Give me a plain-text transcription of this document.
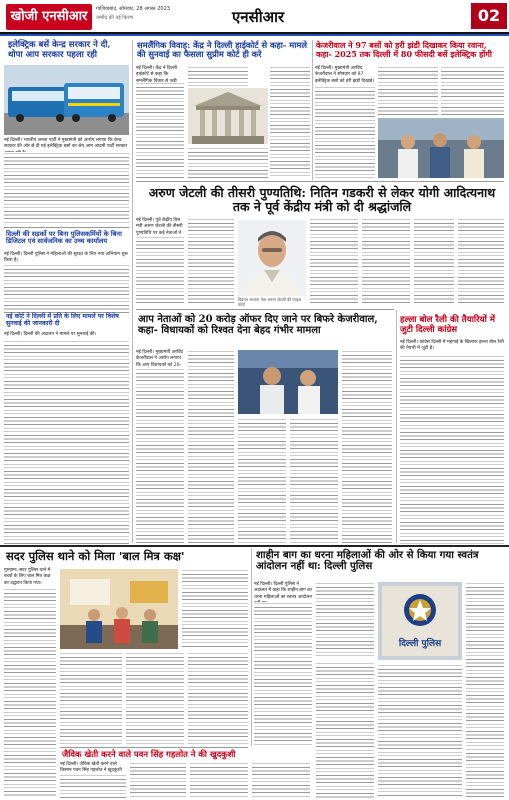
खोजी एनसीआर	गाजियाबाद, सोमवार, 28 अगस्त 2023
उम्मीद की नई किरण	एनसीआर	02
इलेक्ट्रिक बसें केन्द्र सरकार ने दी, थोपा आप सरकार पहला रही
नई दिल्ली। भारतीय जनता पार्टी ने मुख्यमंत्री को आरोप लगाया कि केन्द्र सरकार की ओर से दी गई इलेक्ट्रिक बसों का श्रेय आम आदमी पार्टी सरकार
दिल्ली की सड़कों पर बिना पुलिसकर्मियों के बिना डिजिटल एवं सार्वजनिक का उच्च कार्यालय
नई दिल्ली। दिल्ली पुलिस ने महिलाओं की सुरक्षा के लिए नया अभियान शुरू किया है।
नई कोर्ट ने दिल्ली में प्रति के लिए मामले पर विशेष सुनवाई की जानकारी दी
नई दिल्ली। दिल्ली की अदालत ने मामले पर सुनवाई की।
समलैंगिक विवाह: केंद्र ने दिल्ली हाईकोर्ट से कहा- मामले की सुनवाई का फैसला सुप्रीम कोर्ट ही करे
नई दिल्ली। केंद्र ने दिल्ली हाईकोर्ट से कहा कि
केजरीवाल ने 97 बसों को हरी झंडी दिखाकर किया रवाना, कहा- 2025 तक दिल्ली में 80 फीसदी बसें इलेक्ट्रिक होंगी
नई दिल्ली। मुख्यमंत्री अरविंद केजरीवाल ने सोमवार को 97 इलेक्ट्रिक बसों को हरी झंडी दिखाई।
अरुण जेटली की तीसरी पुण्यतिथि: नितिन गडकरी से लेकर योगी आदित्यनाथ तक ने पूर्व केंद्रीय मंत्री को दी श्रद्धांजलि
नई दिल्ली। पूर्व केंद्रीय वित्त मंत्री अरुण जेटली की तीसरी पुण्यतिथि पर कई नेताओं ने
दिवंगत भाजपा नेता अरुण जेटली की फाइल फोटो
आप नेताओं को 20 करोड़ ऑफर दिए जाने पर बिफरे केजरीवाल, कहा- विधायकों को रिश्वत देना बेहद गंभीर मामला
नई दिल्ली। मुख्यमंत्री अरविंद केजरीवाल ने आरोप लगाया कि आप विधायकों को 20-
हल्ला बोल रैली की तैयारियों में जुटी दिल्ली कांग्रेस
नई दिल्ली। कांग्रेस दिल्ली में महंगाई के खिलाफ हल्ला बोल रैली की तैयारी में जुटी है।
सदर पुलिस थाने को मिला 'बाल मित्र कक्ष'
गुरुग्राम। सदर पुलिस थाने में बच्चों के लिए बाल मित्र कक्ष का उद्घाटन किया गया।
जैविक खेती करने वाले पवन सिंह गहलोत ने की खुदकुशी
नई दिल्ली। जैविक खेती करने वाले किसान पवन सिंह गहलोत ने खुदकुशी
शाहीन बाग का धरना महिलाओं की ओर से किया गया स्वतंत्र आंदोलन नहीं था: दिल्ली पुलिस
नई दिल्ली। दिल्ली पुलिस ने अदालत में कहा कि शाहीन बाग का धरना महिलाओं का स्वतंत्र आंदोलन
दिल्ली पुलिस
